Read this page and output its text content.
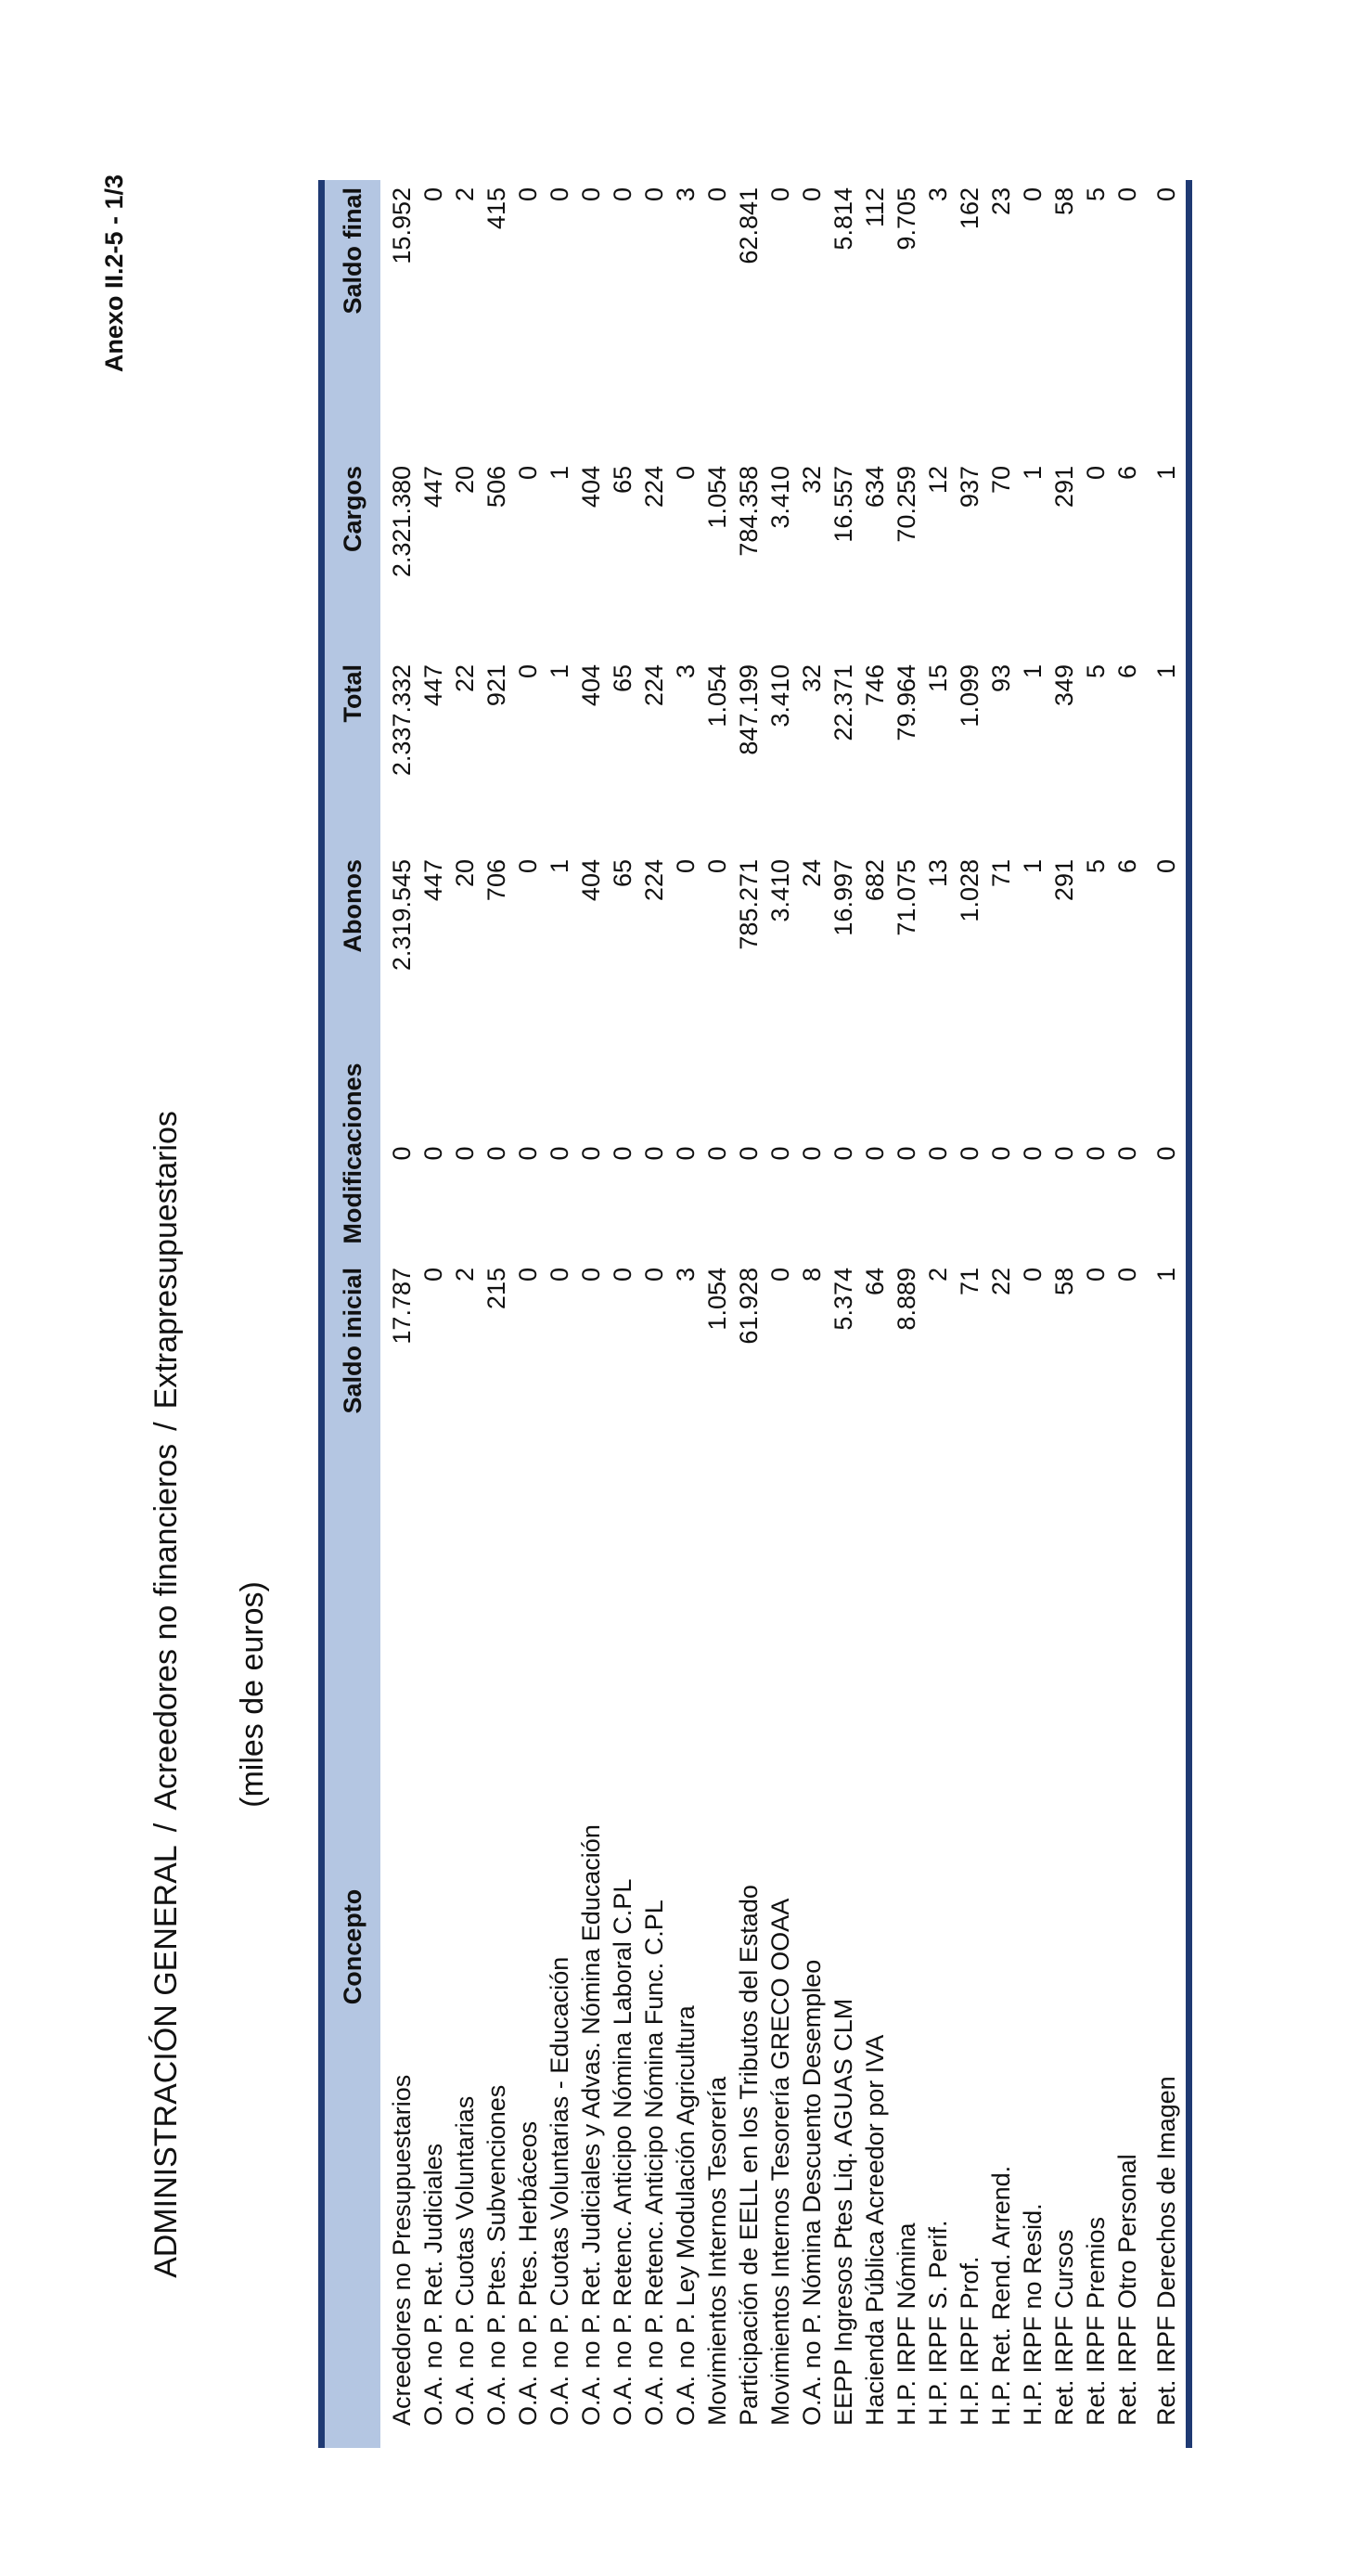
Anexo II.2-5 - 1/3
ADMINISTRACIÓN GENERAL/Acreedores no financieros/Extrapresupuestarios
(miles de euros)
Concepto	Saldo inicial	Modificaciones	Abonos	Total	Cargos	Saldo final
Acreedores no Presupuestarios	17.787	0	2.319.545	2.337.332	2.321.380	15.952
O.A. no P. Ret. Judiciales	0	0	447	447	447	0
O.A. no P. Cuotas Voluntarias	2	0	20	22	20	2
O.A. no P. Ptes. Subvenciones	215	0	706	921	506	415
O.A. no P. Ptes. Herbáceos	0	0	0	0	0	0
O.A. no P. Cuotas Voluntarias - Educación	0	0	1	1	1	0
O.A. no P. Ret. Judiciales y Advas. Nómina Educación	0	0	404	404	404	0
O.A. no P. Retenc. Anticipo Nómina Laboral C.PL	0	0	65	65	65	0
O.A. no P. Retenc. Anticipo Nómina Func. C.PL	0	0	224	224	224	0
O.A. no P. Ley Modulación Agricultura	3	0	0	3	0	3
Movimientos Internos Tesorería	1.054	0	0	1.054	1.054	0
Participación de EELL en los Tributos del Estado	61.928	0	785.271	847.199	784.358	62.841
Movimientos Internos Tesorería GRECO OOAA	0	0	3.410	3.410	3.410	0
O.A. no P. Nómina Descuento Desempleo	8	0	24	32	32	0
EEPP Ingresos Ptes Liq. AGUAS CLM	5.374	0	16.997	22.371	16.557	5.814
Hacienda Pública Acreedor por IVA	64	0	682	746	634	112
H.P. IRPF Nómina	8.889	0	71.075	79.964	70.259	9.705
H.P. IRPF S. Perif.	2	0	13	15	12	3
H.P. IRPF Prof.	71	0	1.028	1.099	937	162
H.P. Ret. Rend. Arrend.	22	0	71	93	70	23
H.P. IRPF no Resid.	0	0	1	1	1	0
Ret. IRPF Cursos	58	0	291	349	291	58
Ret. IRPF Premios	0	0	5	5	0	5
Ret. IRPF Otro Personal	0	0	6	6	6	0
Ret. IRPF Derechos de Imagen	1	0	0	1	1	0
